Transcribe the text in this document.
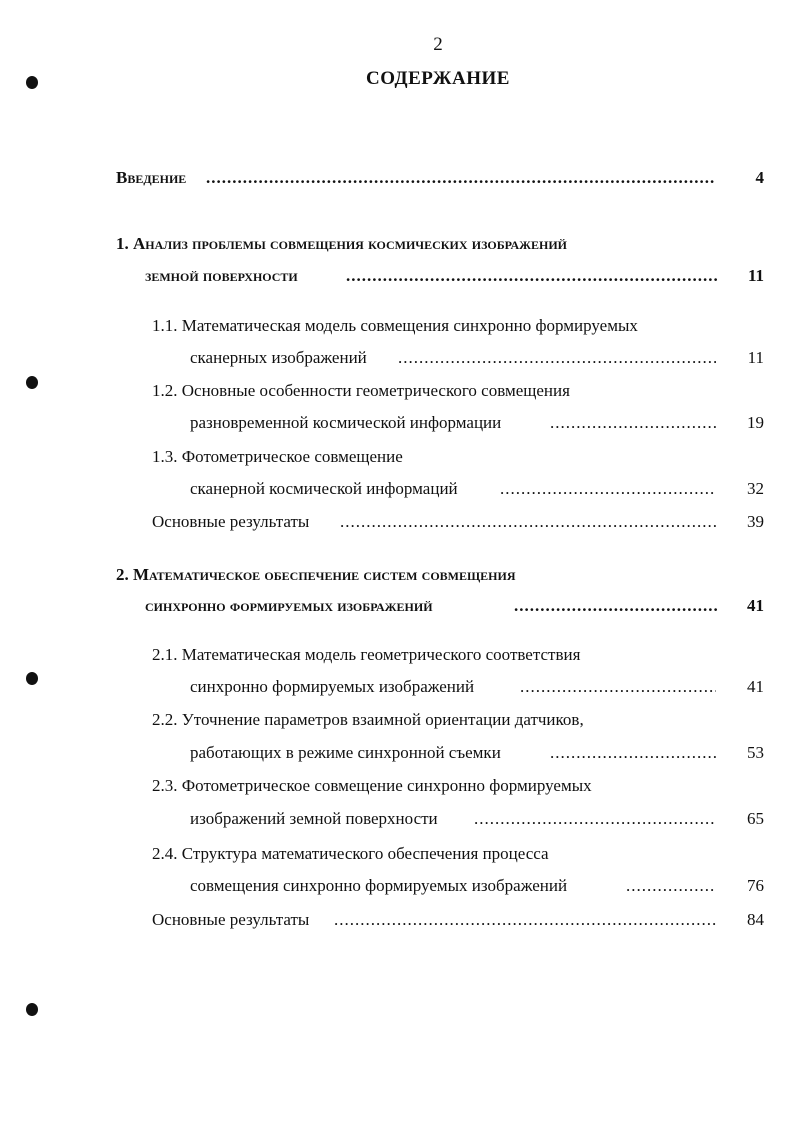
2
СОДЕРЖАНИЕ
Введение .....	4
1. Анализ проблемы совмещения космических изображений
земной поверхности .....	11
1.1. Математическая модель совмещения синхронно формируемых
сканерных изображений .....	11
1.2. Основные особенности геометрического совмещения
разновременной космической информации .....	19
1.3. Фотометрическое совмещение
сканерной космической информаций .....	32
Основные результаты .....	39
2. Математическое обеспечение систем совмещения
синхронно формируемых изображений .....	41
2.1. Математическая модель геометрического соответствия
синхронно формируемых изображений .....	41
2.2. Уточнение параметров взаимной ориентации датчиков,
работающих в режиме синхронной съемки .....	53
2.3. Фотометрическое совмещение синхронно формируемых
изображений земной поверхности .....	65
2.4. Структура математического обеспечения процесса
совмещения синхронно формируемых изображений .....	76
Основные результаты .....	84
